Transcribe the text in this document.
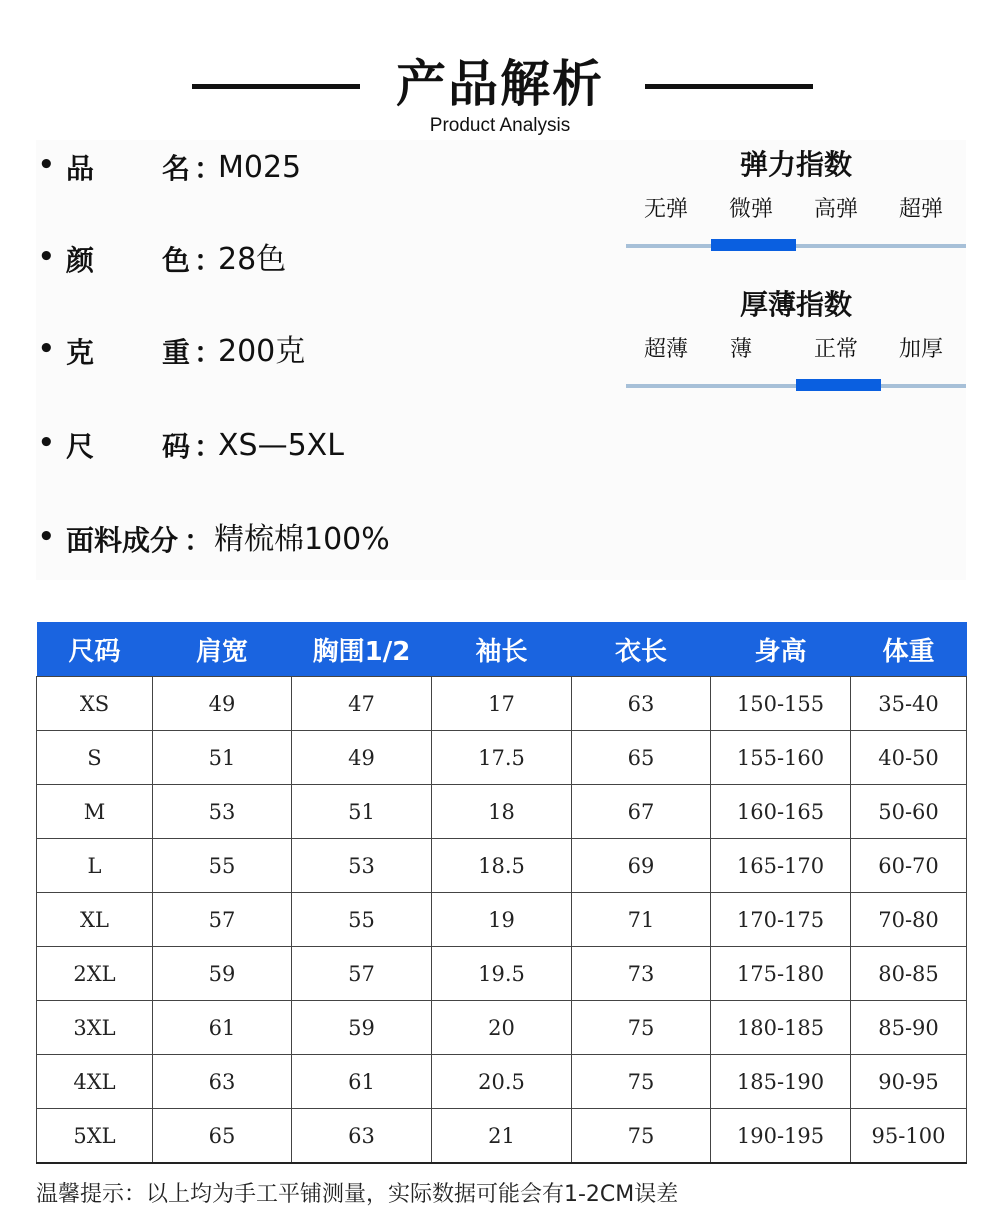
产品解析
Product Analysis
• 品 名 ：
M025
• 颜 色 ：
28色
• 克 重 ：
200克
• 尺 码 ：
XS—5XL
• 面料成分 ： 精梳棉100%
弹力指数
无弹	微弹	高弹	超弹
厚薄指数
超薄	薄	正常	加厚
尺码	肩宽	胸围1/2	袖长	衣长	身高	体重
XS	49	47	17	63	150-155	35-40
S	51	49	17.5	65	155-160	40-50
M	53	51	18	67	160-165	50-60
L	55	53	18.5	69	165-170	60-70
XL	57	55	19	71	170-175	70-80
2XL	59	57	19.5	73	175-180	80-85
3XL	61	59	20	75	180-185	85-90
4XL	63	61	20.5	75	185-190	90-95
5XL	65	63	21	75	190-195	95-100
温馨提示：以上均为手工平铺测量，实际数据可能会有1-2CM误差
